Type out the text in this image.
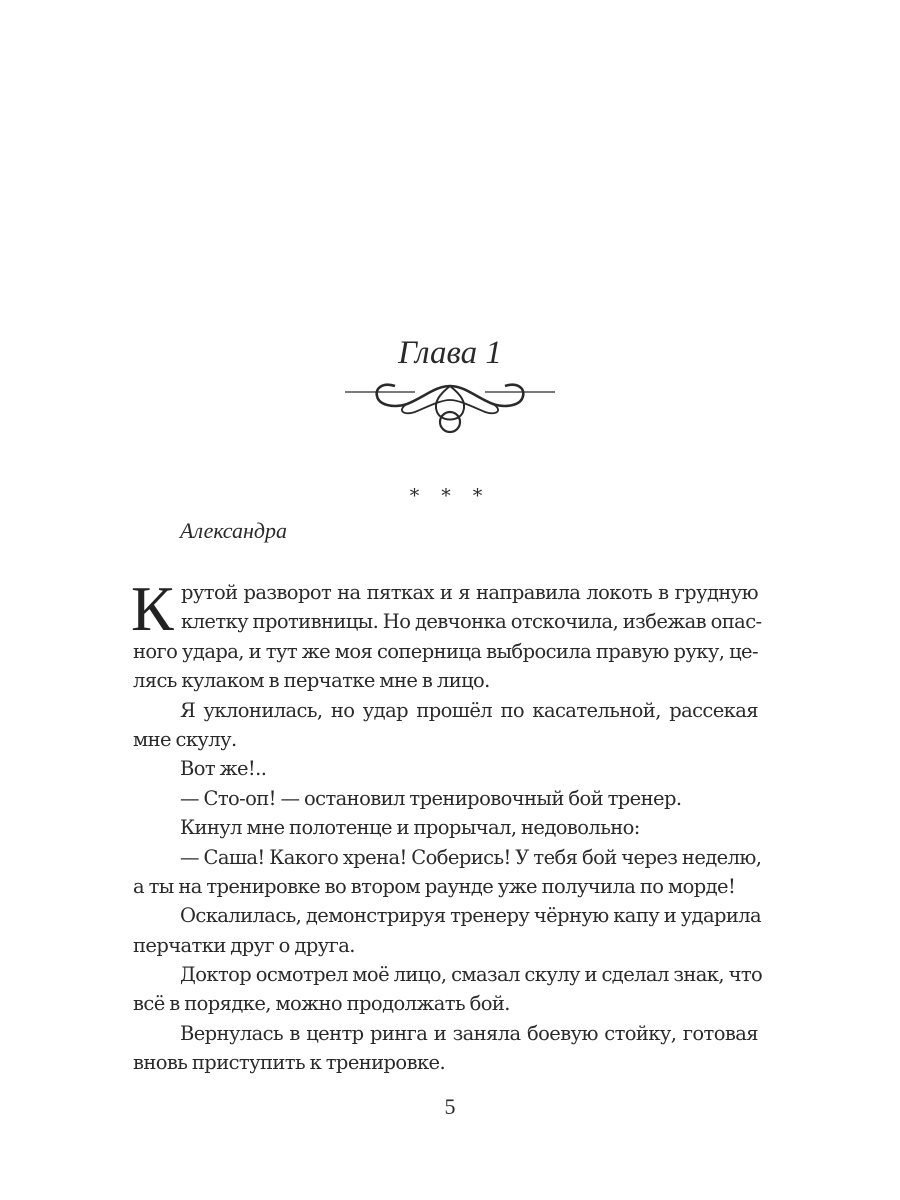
Глава 1
* * *
Александра
К рутой разворот на пятках и я направила локоть в грудную
клетку противницы. Но девчонка отскочила, избежав опас-
ного удара, и тут же моя соперница выбросила правую руку, це-
лясь кулаком в перчатке мне в лицо.
Я уклонилась, но удар прошёл по касательной, рассекая
мне скулу.
Вот же!..
— Сто-оп! — остановил тренировочный бой тренер.
Кинул мне полотенце и прорычал, недовольно:
— Саша! Какого хрена! Соберись! У тебя бой через неделю,
а ты на тренировке во втором раунде уже получила по морде!
Оскалилась, демонстрируя тренеру чёрную капу и ударила
перчатки друг о друга.
Доктор осмотрел моё лицо, смазал скулу и сделал знак, что
всё в порядке, можно продолжать бой.
Вернулась в центр ринга и заняла боевую стойку, готовая
вновь приступить к тренировке.
5
